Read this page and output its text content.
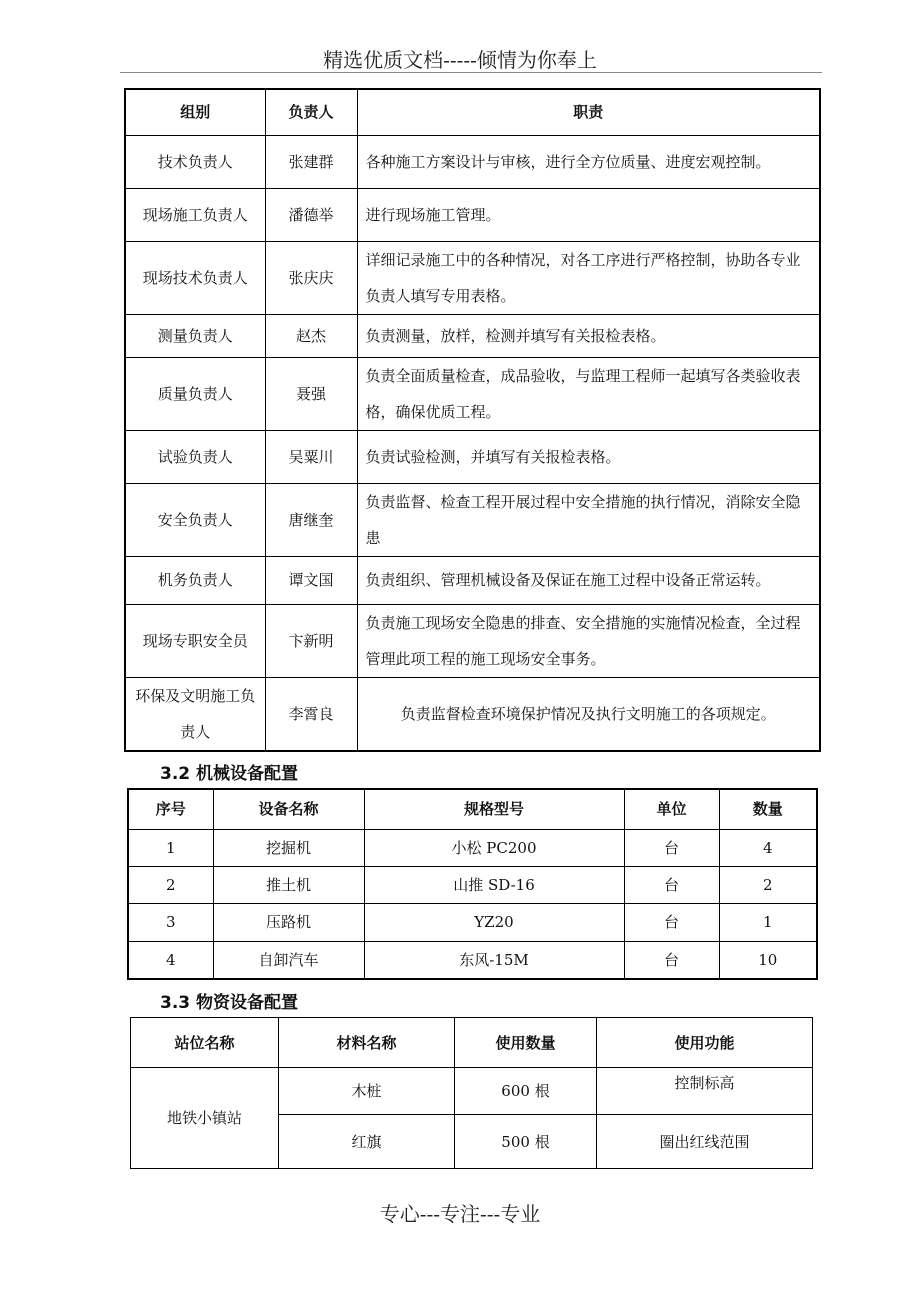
精选优质文档-----倾情为你奉上
组别	负责人	职责
技术负责人	张建群	各种施工方案设计与审核，进行全方位质量、进度宏观控制。
现场施工负责人	潘德举	进行现场施工管理。
现场技术负责人	张庆庆	详细记录施工中的各种情况，对各工序进行严格控制，协助各专业负责人填写专用表格。
测量负责人	赵杰	负责测量，放样，检测并填写有关报检表格。
质量负责人	聂强	负责全面质量检查，成品验收，与监理工程师一起填写各类验收表格，确保优质工程。
试验负责人	吴粟川	负责试验检测，并填写有关报检表格。
安全负责人	唐继奎	负责监督、检查工程开展过程中安全措施的执行情况，消除安全隐患
机务负责人	谭文国	负责组织、管理机械设备及保证在施工过程中设备正常运转。
现场专职安全员	卞新明	负责施工现场安全隐患的排查、安全措施的实施情况检查，全过程管理此项工程的施工现场安全事务。
环保及文明施工负责人	李霄良	负责监督检查环境保护情况及执行文明施工的各项规定。
3.2 机械设备配置
序号	设备名称	规格型号	单位	数量
1	挖掘机	小松 PC200	台	4
2	推土机	山推 SD-16	台	2
3	压路机	YZ20	台	1
4	自卸汽车	东风-15M	台	10
3.3 物资设备配置
站位名称	材料名称	使用数量	使用功能
地铁小镇站	木桩	600 根	控制标高
	红旗	500 根	圈出红线范围
专心---专注---专业
